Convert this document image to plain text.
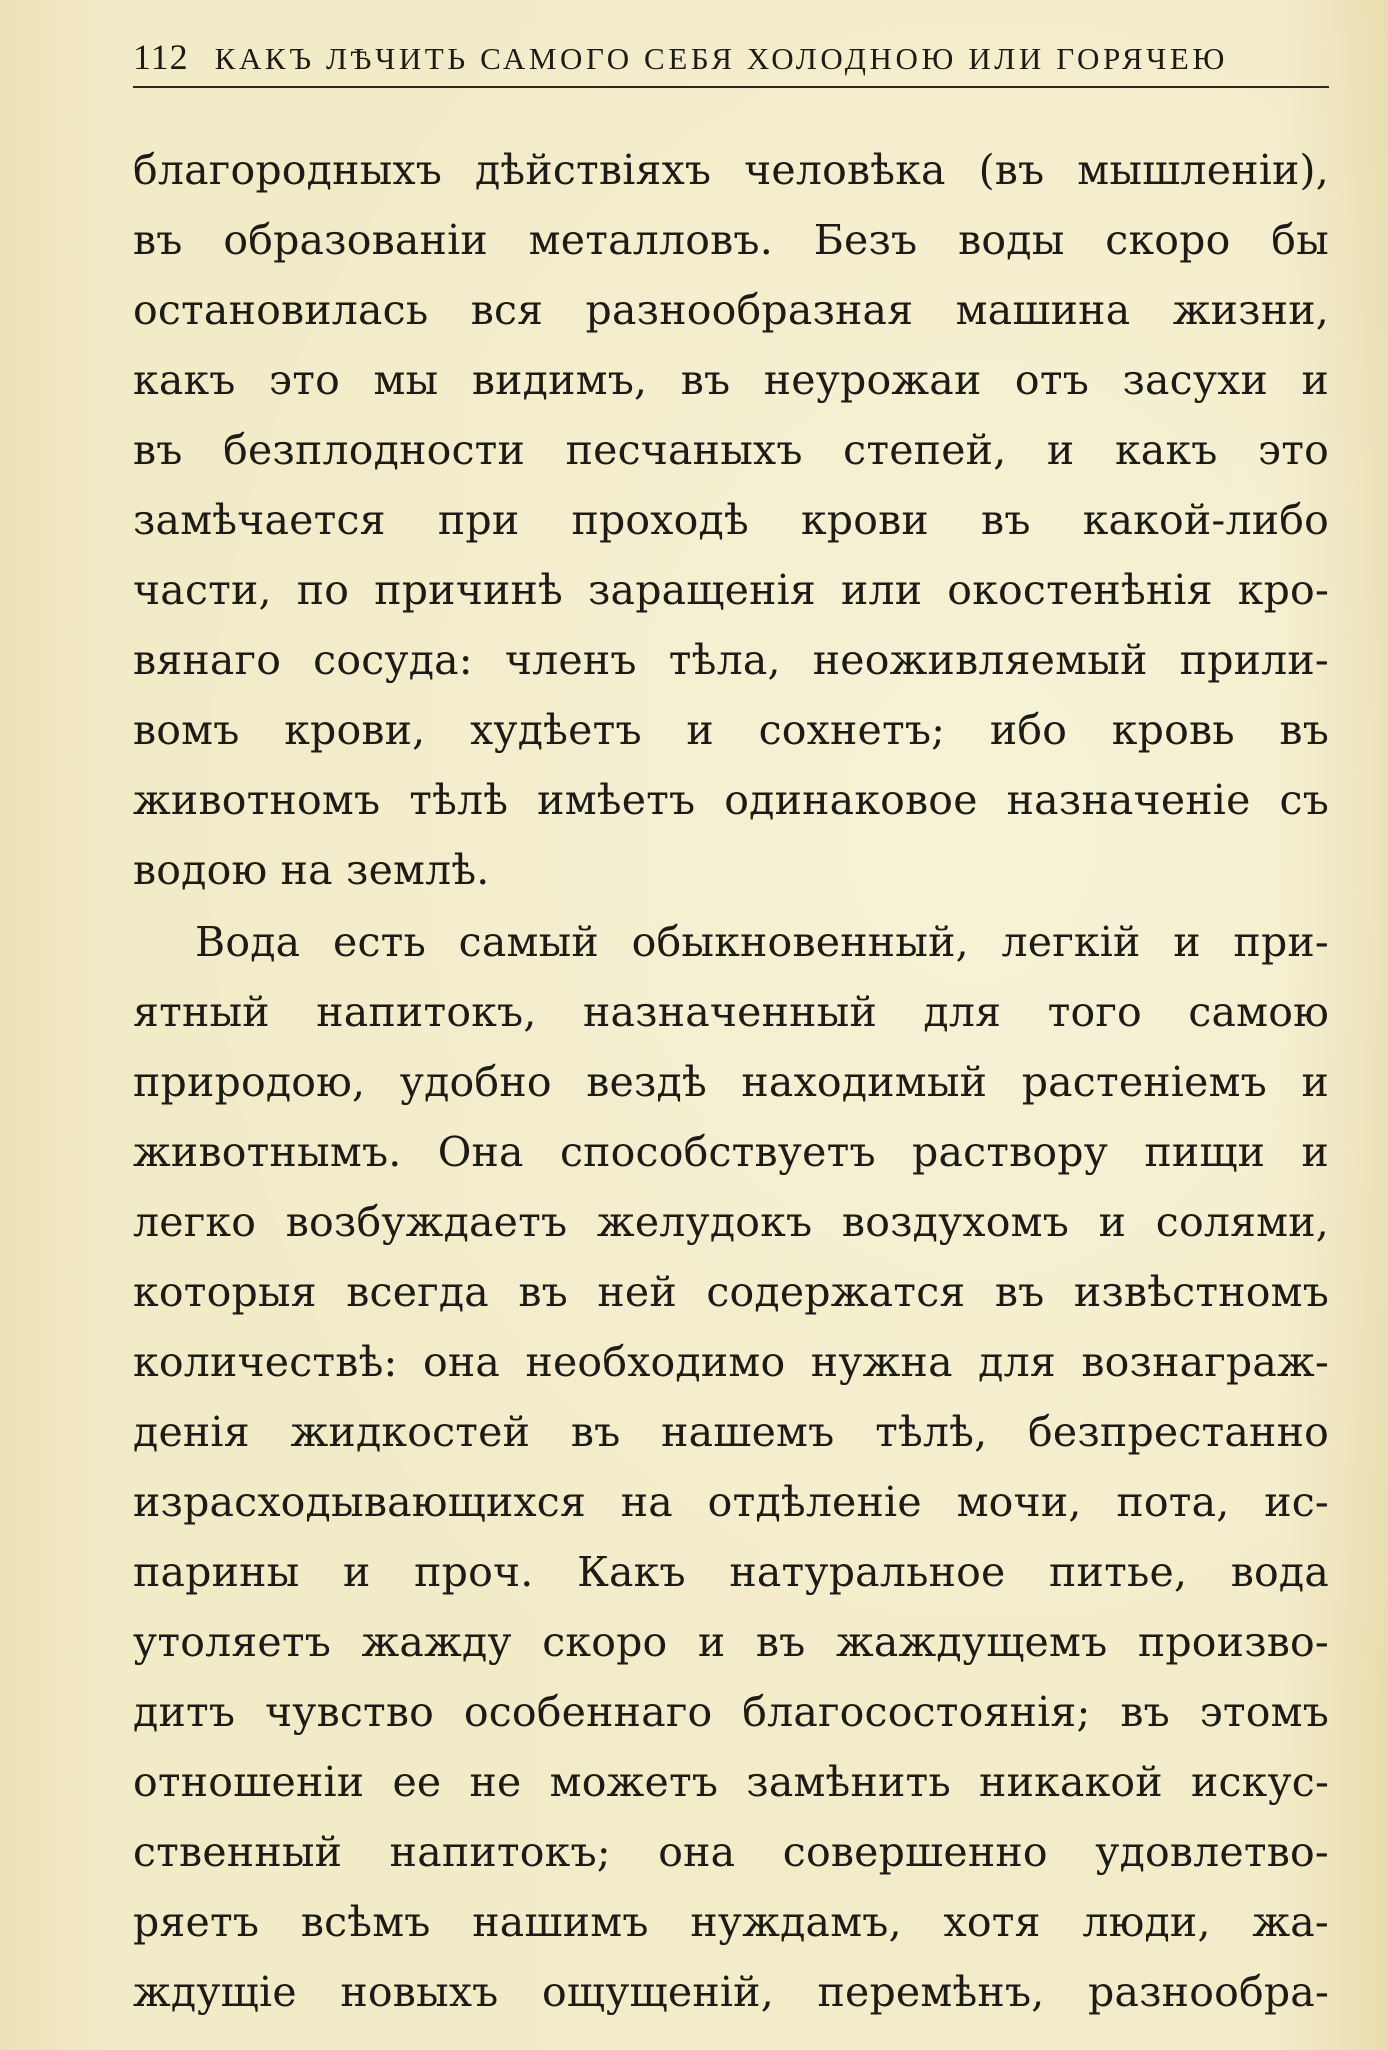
112 КАКЪ ЛѢЧИТЬ САМОГО СЕБЯ ХОЛОДНОЮ ИЛИ ГОРЯЧЕЮ
благородныхъ дѣйствiяхъ человѣка (въ мышленiи),
въ образованiи металловъ. Безъ воды скоро бы
остановилась вся разнообразная машина жизни,
какъ это мы видимъ, въ неурожаи отъ засухи и
въ безплодности песчаныхъ степей, и какъ это
замѣчается при проходѣ крови въ какой-либо
части, по причинѣ заращенiя или окостенѣнiя кро-
вянаго сосуда: членъ тѣла, неоживляемый прили-
вомъ крови, худѣетъ и сохнетъ; ибо кровь въ
животномъ тѣлѣ имѣетъ одинаковое назначенiе съ
водою на землѣ.
Вода есть самый обыкновенный, легкiй и при-
ятный напитокъ, назначенный для того самою
природою, удобно вездѣ находимый растенiемъ и
животнымъ. Она способствуетъ раствору пищи и
легко возбуждаетъ желудокъ воздухомъ и солями,
которыя всегда въ ней содержатся въ извѣстномъ
количествѣ: она необходимо нужна для вознаграж-
денiя жидкостей въ нашемъ тѣлѣ, безпрестанно
израсходывающихся на отдѣленiе мочи, пота, ис-
парины и проч. Какъ натуральное питье, вода
утоляетъ жажду скоро и въ жаждущемъ произво-
дитъ чувство особеннаго благосостоянiя; въ этомъ
отношенiи ее не можетъ замѣнить никакой искус-
ственный напитокъ; она совершенно удовлетво-
ряетъ всѣмъ нашимъ нуждамъ, хотя люди, жа-
ждущiе новыхъ ощущенiй, перемѣнъ, разнообра-
